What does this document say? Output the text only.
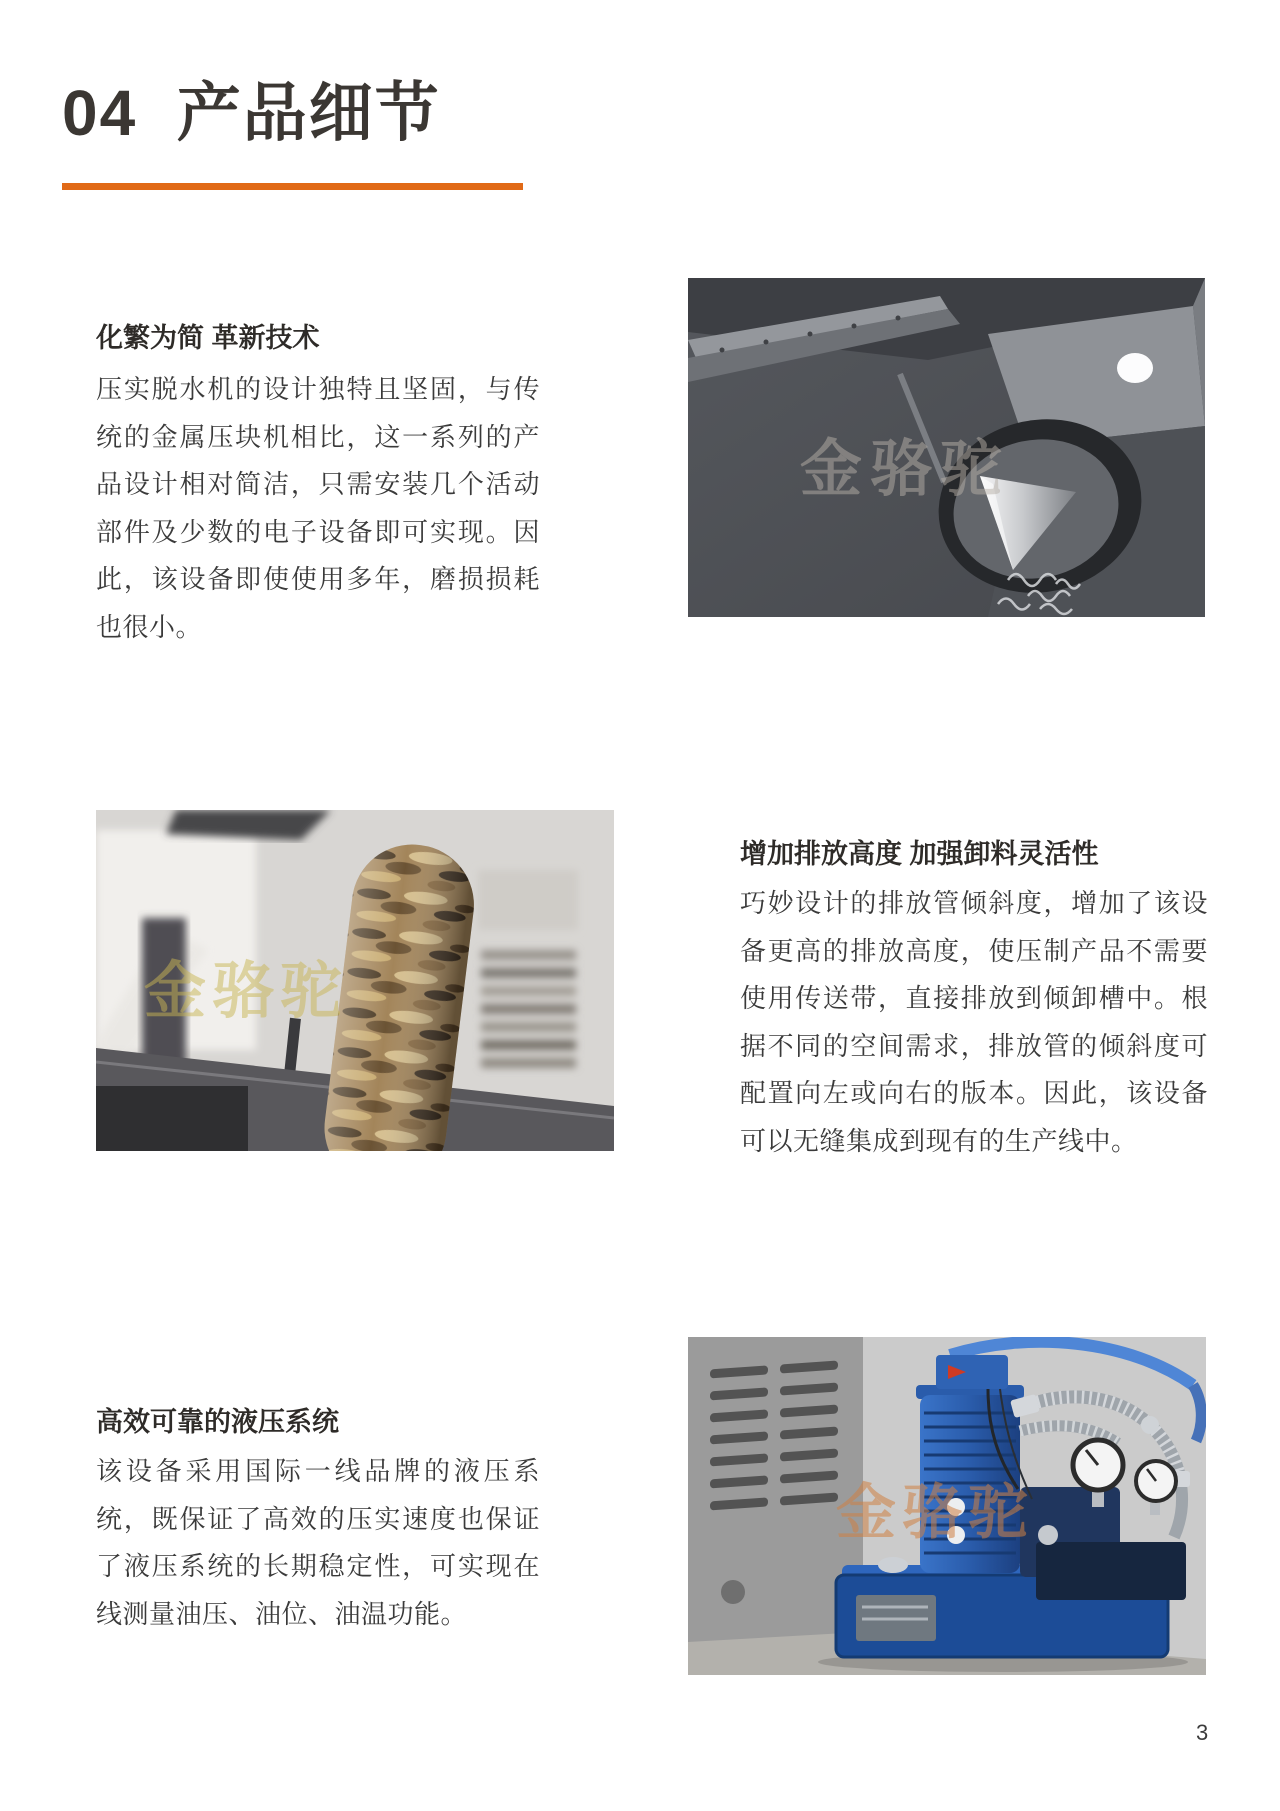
04  产品细节
化繁为简 革新技术
压实脱水机的设计独特且坚固，与传统的金属压块机相比，这一系列的产品设计相对简洁，只需安装几个活动部件及少数的电子设备即可实现。因此，该设备即使使用多年，磨损损耗也很小。
金骆驼
金骆驼
增加排放高度 加强卸料灵活性
巧妙设计的排放管倾斜度，增加了该设备更高的排放高度，使压制产品不需要使用传送带，直接排放到倾卸槽中。根据不同的空间需求，排放管的倾斜度可配置向左或向右的版本。因此，该设备可以无缝集成到现有的生产线中。
高效可靠的液压系统
该设备采用国际一线品牌的液压系统，既保证了高效的压实速度也保证了液压系统的长期稳定性，可实现在线测量油压、油位、油温功能。
金骆驼
3
